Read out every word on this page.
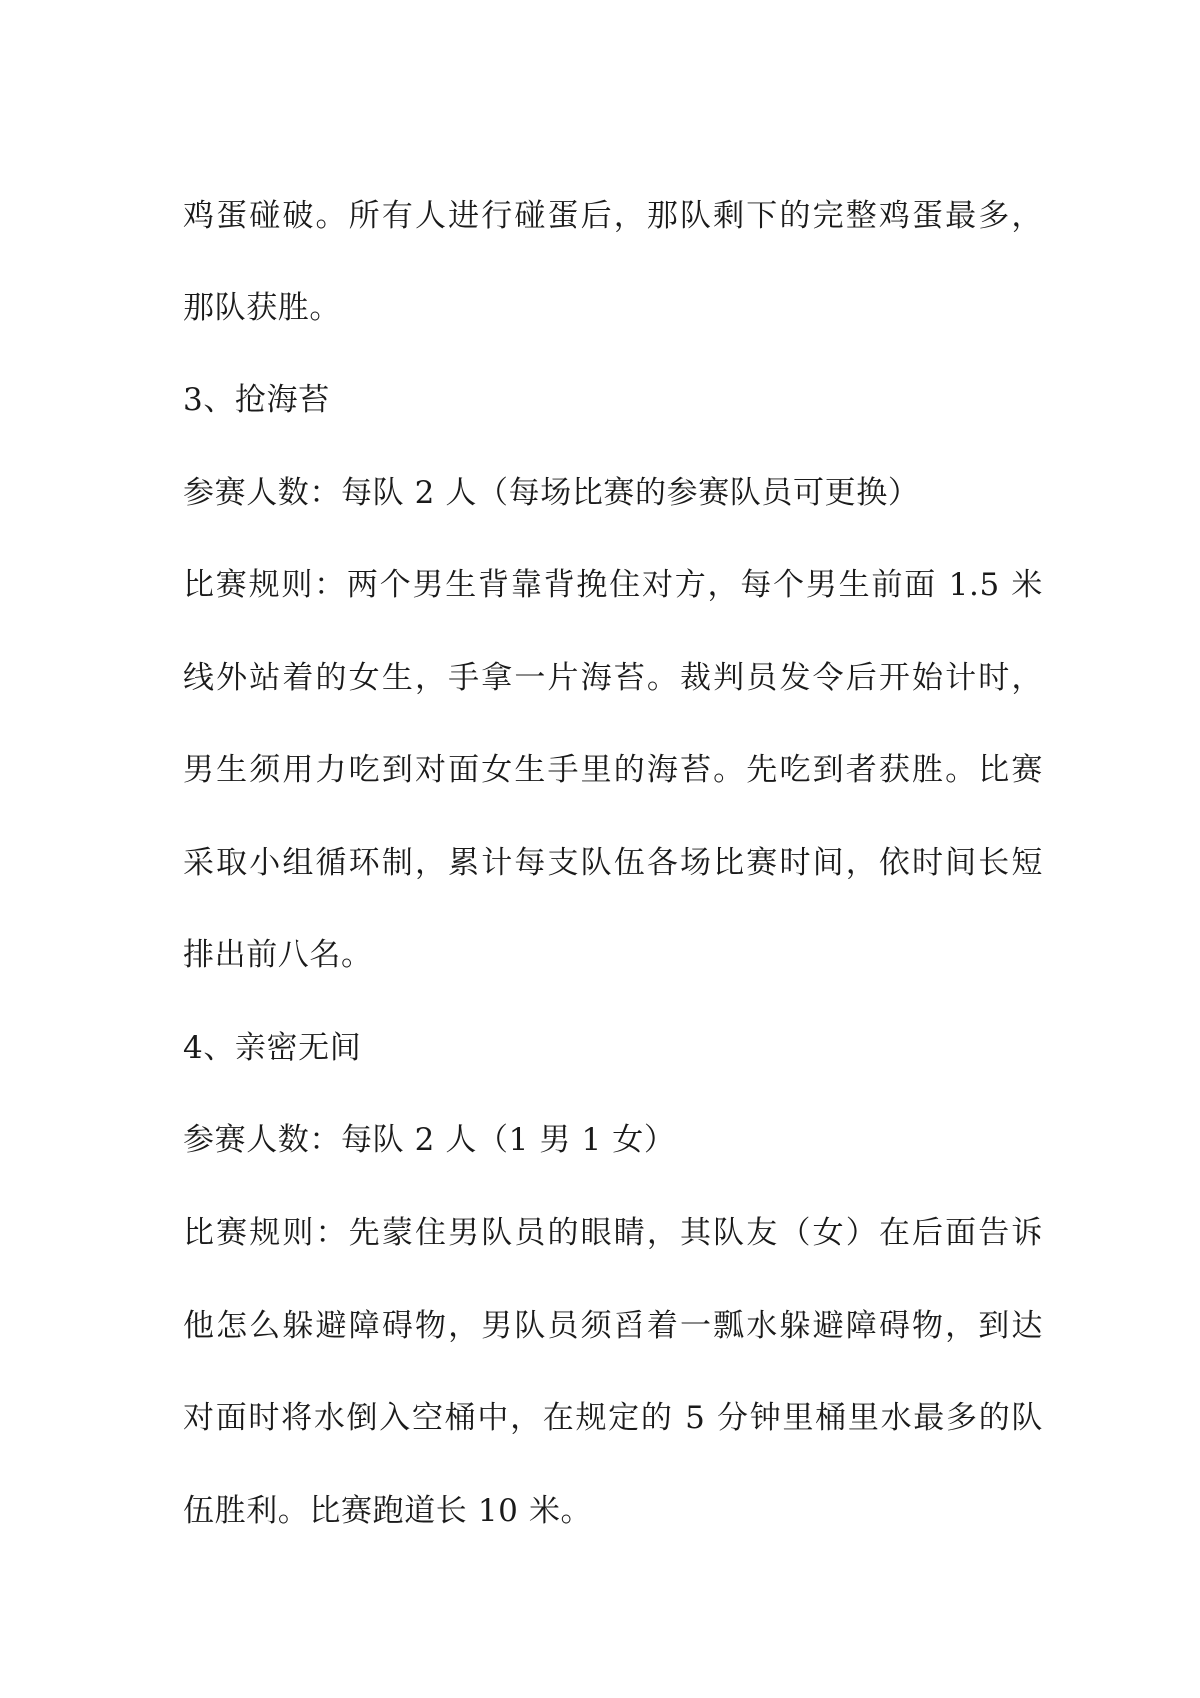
鸡蛋碰破。所有人进行碰蛋后，那队剩下的完整鸡蛋最多，
那队获胜。
3、抢海苔
参赛人数：每队 2 人（每场比赛的参赛队员可更换）
比赛规则：两个男生背靠背挽住对方，每个男生前面 1.5 米
线外站着的女生，手拿一片海苔。裁判员发令后开始计时，
男生须用力吃到对面女生手里的海苔。先吃到者获胜。比赛
采取小组循环制，累计每支队伍各场比赛时间，依时间长短
排出前八名。
4、亲密无间
参赛人数：每队 2 人（1 男 1 女）
比赛规则：先蒙住男队员的眼睛，其队友（女）在后面告诉
他怎么躲避障碍物，男队员须舀着一瓢水躲避障碍物，到达
对面时将水倒入空桶中，在规定的 5 分钟里桶里水最多的队
伍胜利。比赛跑道长 10 米。
